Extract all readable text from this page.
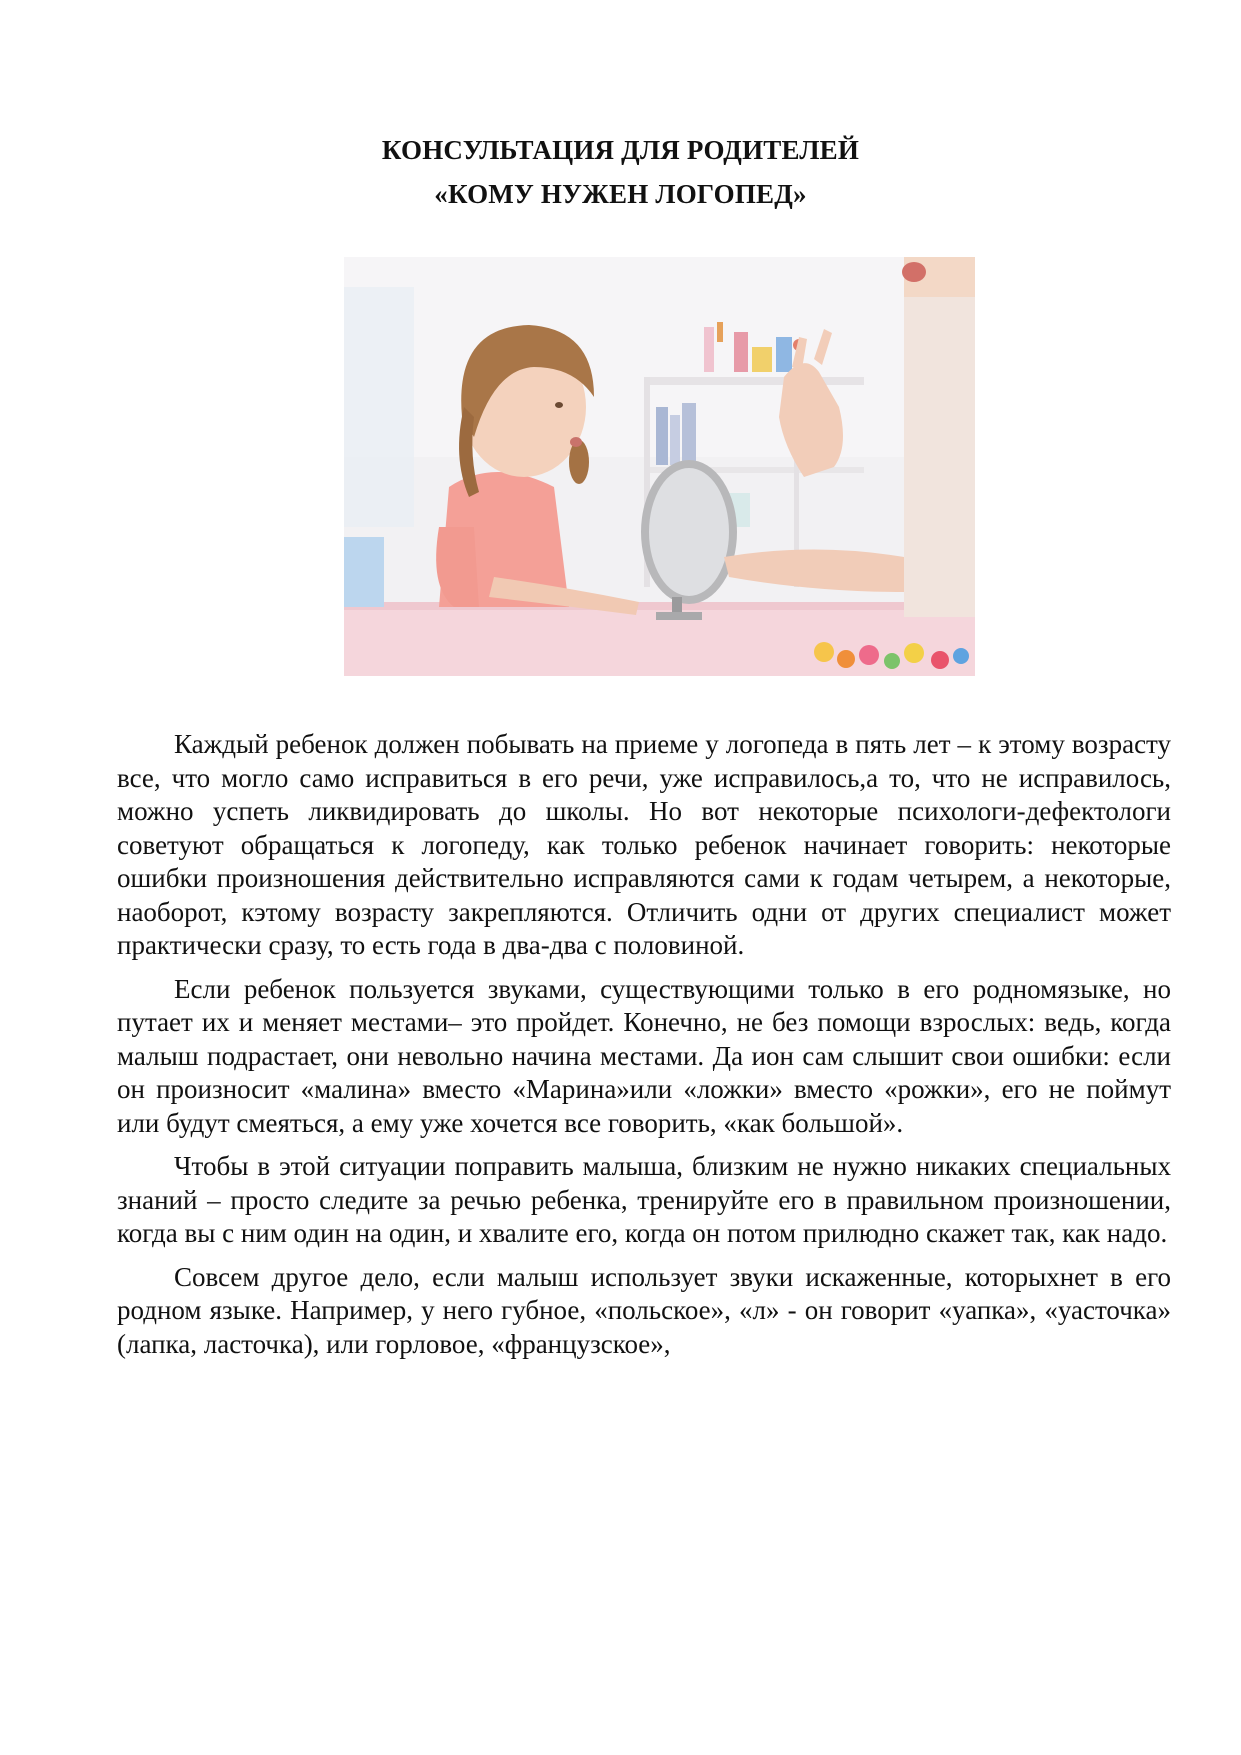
КОНСУЛЬТАЦИЯ ДЛЯ РОДИТЕЛЕЙ
«КОМУ НУЖЕН ЛОГОПЕД»

Каждый ребенок должен побывать на приеме у логопеда в пять лет – к этому возрасту все, что могло само исправиться в его речи, уже исправилось,а то, что не исправилось, можно успеть ликвидировать до школы. Но вот некоторые психологи-дефектологи советуют обращаться к логопеду, как только ребенок начинает говорить: некоторые ошибки произношения действительно исправляются сами к годам четырем, а некоторые, наоборот, кэтому возрасту закрепляются. Отличить одни от других специалист может практически сразу, то есть года в два-два с половиной.

Если ребенок пользуется звуками, существующими только в его родномязыке, но путает их и меняет местами– это пройдет. Конечно, не без помощи взрослых: ведь, когда малыш подрастает, они невольно начина местами. Да ион сам слышит свои ошибки: если он произносит «малина» вместо «Марина»или «ложки» вместо «рожки», его не поймут или будут смеяться, а ему уже хочется все говорить, «как большой».

Чтобы в этой ситуации поправить малыша, близким не нужно никаких специальных знаний – просто следите за речью ребенка, тренируйте его в правильном произношении, когда вы с ним один на один, и хвалите его, когда он потом прилюдно скажет так, как надо.

Совсем другое дело, если малыш использует звуки искаженные, которыхнет в его родном языке. Например, у него губное, «польское», «л» - он говорит «уапка», «уасточка» (лапка, ласточка), или горловое, «французское»,
